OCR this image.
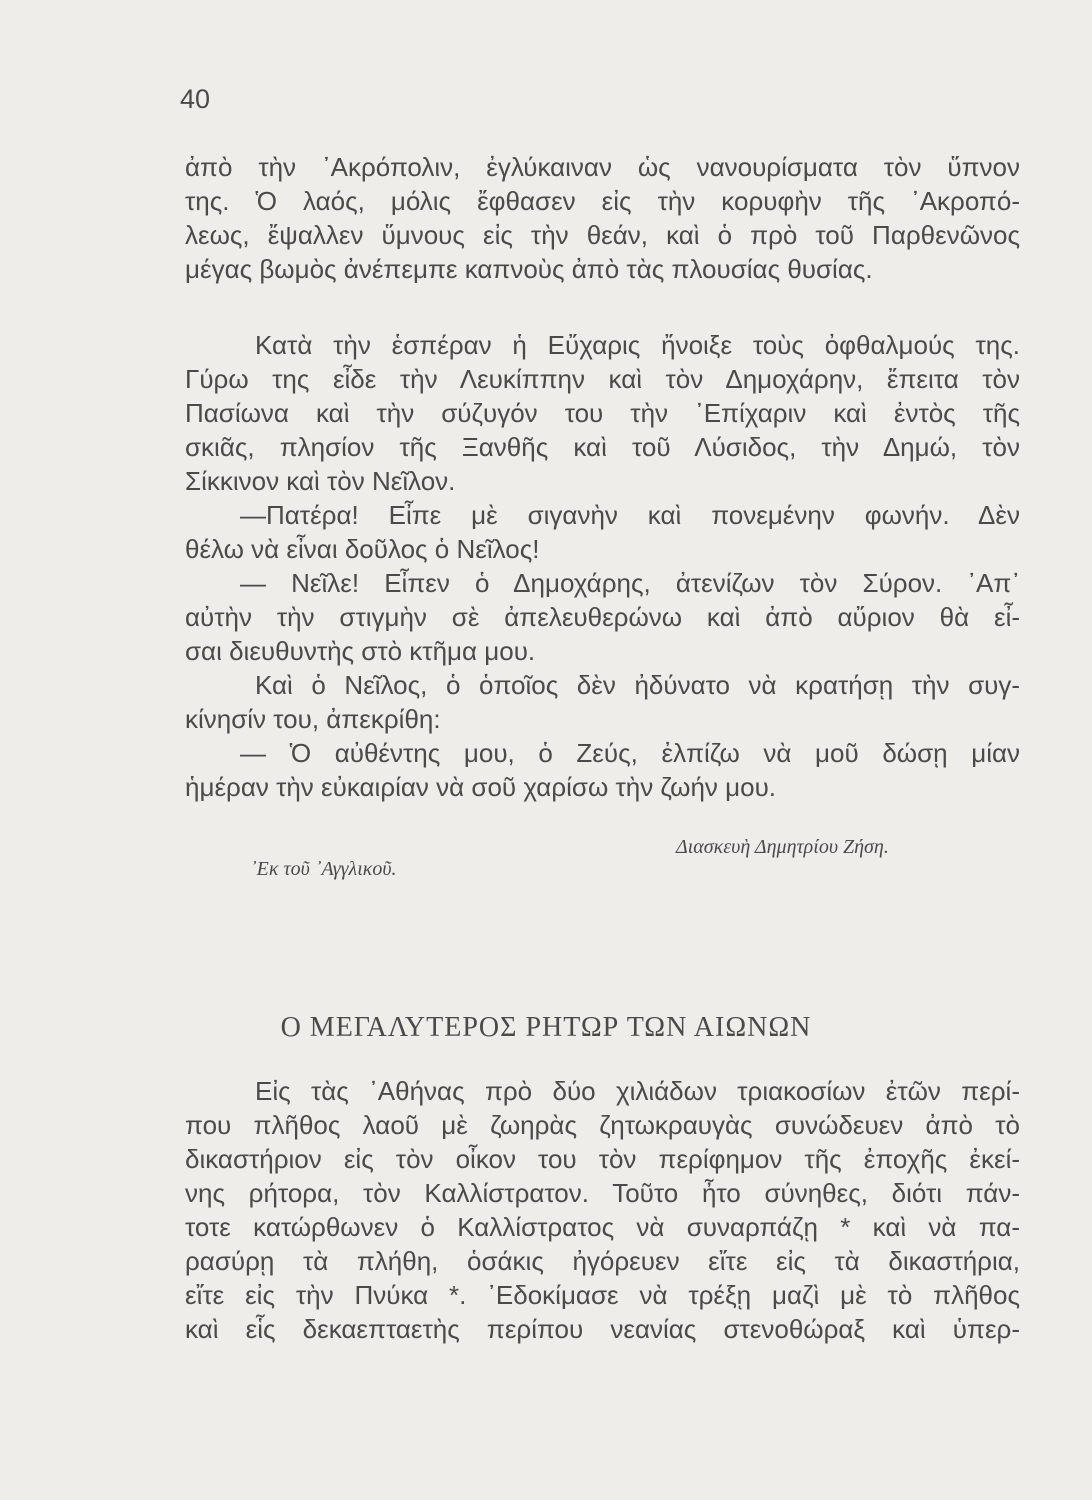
40
ἀπὸ τὴν ᾽Ακρόπολιν, ἐγλύκαιναν ὡς νανουρίσματα τὸν ὕπνον
της. Ὁ λαός, μόλις ἔφθασεν εἰς τὴν κορυφὴν τῆς ᾽Ακροπό-
λεως, ἔψαλλεν ὕμνους εἰς τὴν θεάν, καὶ ὁ πρὸ τοῦ Παρθενῶνος
μέγας βωμὸς ἀνέπεμπε καπνοὺς ἀπὸ τὰς πλουσίας θυσίας.
Κατὰ τὴν ἑσπέραν ἡ Εὔχαρις ἤνοιξε τοὺς ὀφθαλμούς της.
Γύρω της εἶδε τὴν Λευκίππην καὶ τὸν Δημοχάρην, ἔπειτα τὸν
Πασίωνα καὶ τὴν σύζυγόν του τὴν ᾽Επίχαριν καὶ ἐντὸς τῆς
σκιᾶς, πλησίον τῆς Ξανθῆς καὶ τοῦ Λύσιδος, τὴν Δημώ, τὸν
Σίκκινον καὶ τὸν Νεῖλον.
—Πατέρα! Εἶπε μὲ σιγανὴν καὶ πονεμένην φωνήν. Δὲν
θέλω νὰ εἶναι δοῦλος ὁ Νεῖλος!
— Νεῖλε! Εἶπεν ὁ Δημοχάρης, ἀτενίζων τὸν Σύρον. ᾽Απ᾽
αὐτὴν τὴν στιγμὴν σὲ ἀπελευθερώνω καὶ ἀπὸ αὔριον θὰ εἶ-
σαι διευθυντὴς στὸ κτῆμα μου.
Καὶ ὁ Νεῖλος, ὁ ὁποῖος δὲν ἠδύνατο νὰ κρατήσῃ τὴν συγ-
κίνησίν του, ἀπεκρίθη:
— Ὁ αὐθέντης μου, ὁ Ζεύς, ἐλπίζω νὰ μοῦ δώσῃ μίαν
ἡμέραν τὴν εὐκαιρίαν νὰ σοῦ χαρίσω τὴν ζωήν μου.
Διασκευὴ Δημητρίου Ζήση.
᾽Εκ τοῦ ᾽Αγγλικοῦ.
Ο ΜΕΓΑΛΥΤΕΡΟΣ ΡΗΤΩΡ ΤΩΝ ΑΙΩΝΩΝ
Εἰς τὰς ᾽Αθήνας πρὸ δύο χιλιάδων τριακοσίων ἐτῶν περί-
που πλῆθος λαοῦ μὲ ζωηρὰς ζητωκραυγὰς συνώδευεν ἀπὸ τὸ
δικαστήριον εἰς τὸν οἶκον του τὸν περίφημον τῆς ἐποχῆς ἐκεί-
νης ρήτορα, τὸν Καλλίστρατον. Τοῦτο ἦτο σύνηθες, διότι πάν-
τοτε κατώρθωνεν ὁ Καλλίστρατος νὰ συναρπάζῃ * καὶ νὰ πα-
ρασύρῃ τὰ πλήθη, ὁσάκις ἠγόρευεν εἴτε εἰς τὰ δικαστήρια,
εἴτε εἰς τὴν Πνύκα *. ᾽Εδοκίμασε νὰ τρέξῃ μαζὶ μὲ τὸ πλῆθος
καὶ εἷς δεκαεπταετὴς περίπου νεανίας στενοθώραξ καὶ ὑπερ-
